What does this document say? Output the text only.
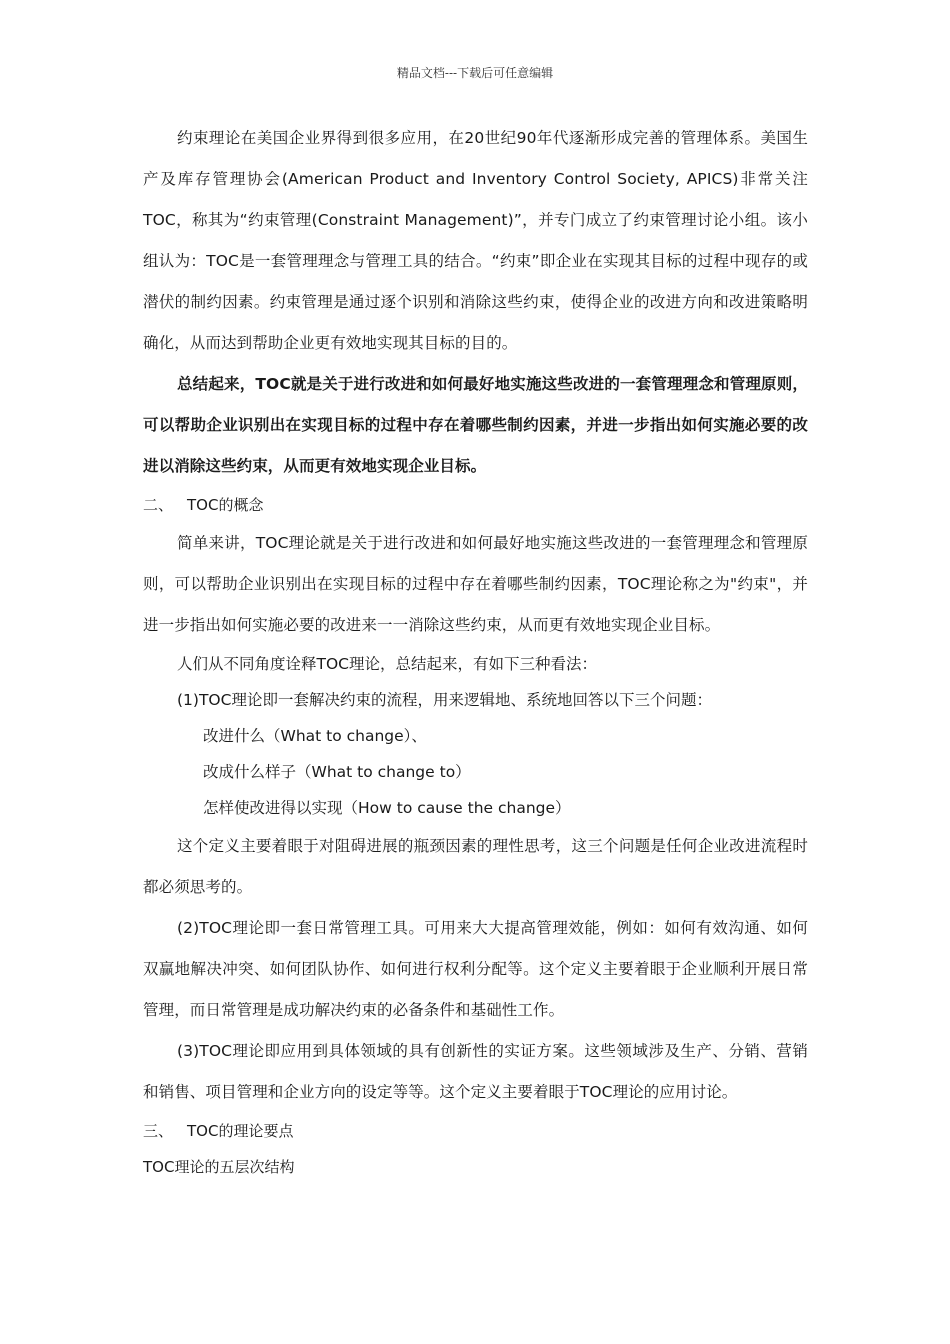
精品文档---下载后可任意编辑

约束理论在美国企业界得到很多应用，在20世纪90年代逐渐形成完善的管理体系。美国生产及库存管理协会(American Product and Inventory Control Society, APICS)非常关注TOC，称其为“约束管理(Constraint Management)”，并专门成立了约束管理讨论小组。该小组认为：TOC是一套管理理念与管理工具的结合。“约束”即企业在实现其目标的过程中现存的或潜伏的制约因素。约束管理是通过逐个识别和消除这些约束，使得企业的改进方向和改进策略明确化，从而达到帮助企业更有效地实现其目标的目的。

总结起来，TOC就是关于进行改进和如何最好地实施这些改进的一套管理理念和管理原则，可以帮助企业识别出在实现目标的过程中存在着哪些制约因素，并进一步指出如何实施必要的改进以消除这些约束，从而更有效地实现企业目标。

二、 TOC的概念

简单来讲，TOC理论就是关于进行改进和如何最好地实施这些改进的一套管理理念和管理原则，可以帮助企业识别出在实现目标的过程中存在着哪些制约因素，TOC理论称之为"约束"，并进一步指出如何实施必要的改进来一一消除这些约束，从而更有效地实现企业目标。

人们从不同角度诠释TOC理论，总结起来，有如下三种看法：

(1)TOC理论即一套解决约束的流程，用来逻辑地、系统地回答以下三个问题：

改进什么（What to change）、

改成什么样子（What to change to）

怎样使改进得以实现（How to cause the change）

这个定义主要着眼于对阻碍进展的瓶颈因素的理性思考，这三个问题是任何企业改进流程时都必须思考的。

(2)TOC理论即一套日常管理工具。可用来大大提高管理效能，例如：如何有效沟通、如何双赢地解决冲突、如何团队协作、如何进行权利分配等。这个定义主要着眼于企业顺利开展日常管理，而日常管理是成功解决约束的必备条件和基础性工作。

(3)TOC理论即应用到具体领域的具有创新性的实证方案。这些领域涉及生产、分销、营销和销售、项目管理和企业方向的设定等等。这个定义主要着眼于TOC理论的应用讨论。

三、 TOC的理论要点

TOC理论的五层次结构
